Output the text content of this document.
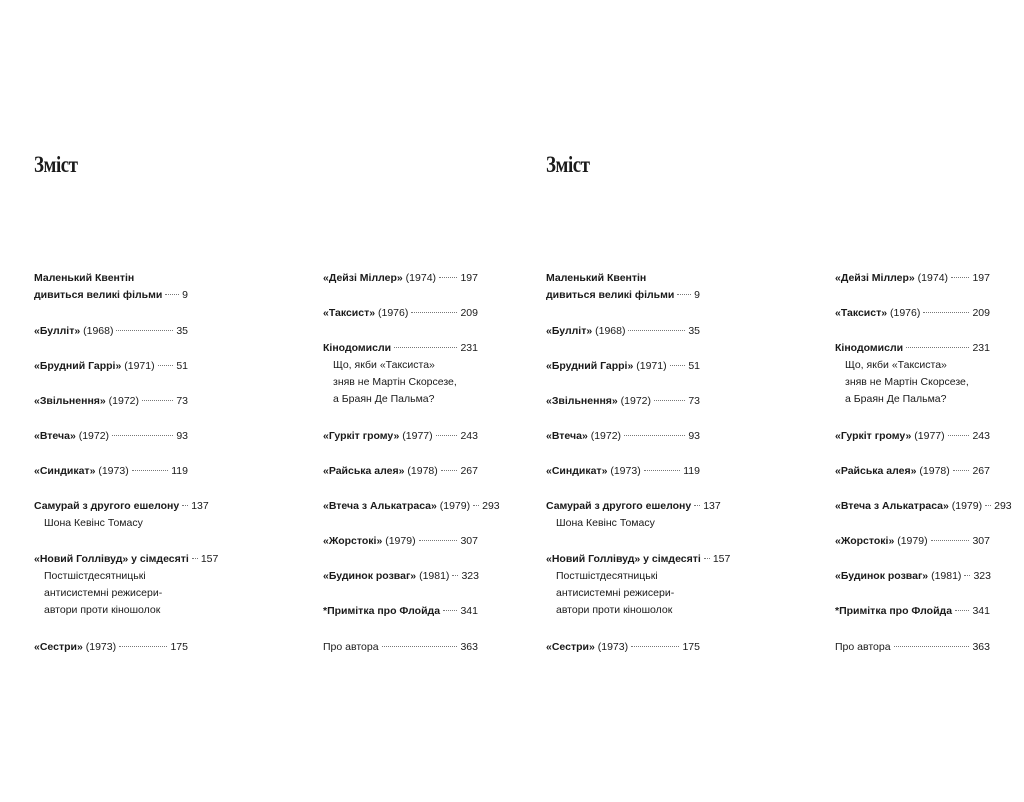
Зміст
Маленький Квентін
дивиться великі фільми 9
«Булліт» (1968)	35
«Брудний Гаррі» (1971) 51
«Звільнення» (1972)	73
«Втеча» (1972)	93
«Синдикат» (1973)	119
Самурай з другого ешелону 137
Шона Кевінс Томасу
«Новий Голлівуд» у сімдесяті 157
Постшістдесятницькі
антисистемні режисери-
автори проти кіношолок
«Сестри» (1973)	175
«Дейзі Міллер» (1974) 197
«Таксист» (1976)	209
Кінодомисли	231
Що, якби «Таксиста»
зняв не Мартін Скорсезе,
а Браян Де Пальма?
«Гуркіт грому» (1977)	243
«Райська алея» (1978) 267
«Втеча з Алькатраса» (1979) 293
«Жорстокі» (1979)	307
«Будинок розваг» (1981) 323
*Примітка про Флойда 341
Про автора	363
Зміст
Маленький Квентін
дивиться великі фільми 9
«Булліт» (1968)	35
«Брудний Гаррі» (1971) 51
«Звільнення» (1972)	73
«Втеча» (1972)	93
«Синдикат» (1973)	119
Самурай з другого ешелону 137
Шона Кевінс Томасу
«Новий Голлівуд» у сімдесяті 157
Постшістдесятницькі
антисистемні режисери-
автори проти кіношолок
«Сестри» (1973)	175
«Дейзі Міллер» (1974) 197
«Таксист» (1976)	209
Кінодомисли	231
Що, якби «Таксиста»
зняв не Мартін Скорсезе,
а Браян Де Пальма?
«Гуркіт грому» (1977)	243
«Райська алея» (1978) 267
«Втеча з Алькатраса» (1979) 293
«Жорстокі» (1979)	307
«Будинок розваг» (1981) 323
*Примітка про Флойда 341
Про автора	363
